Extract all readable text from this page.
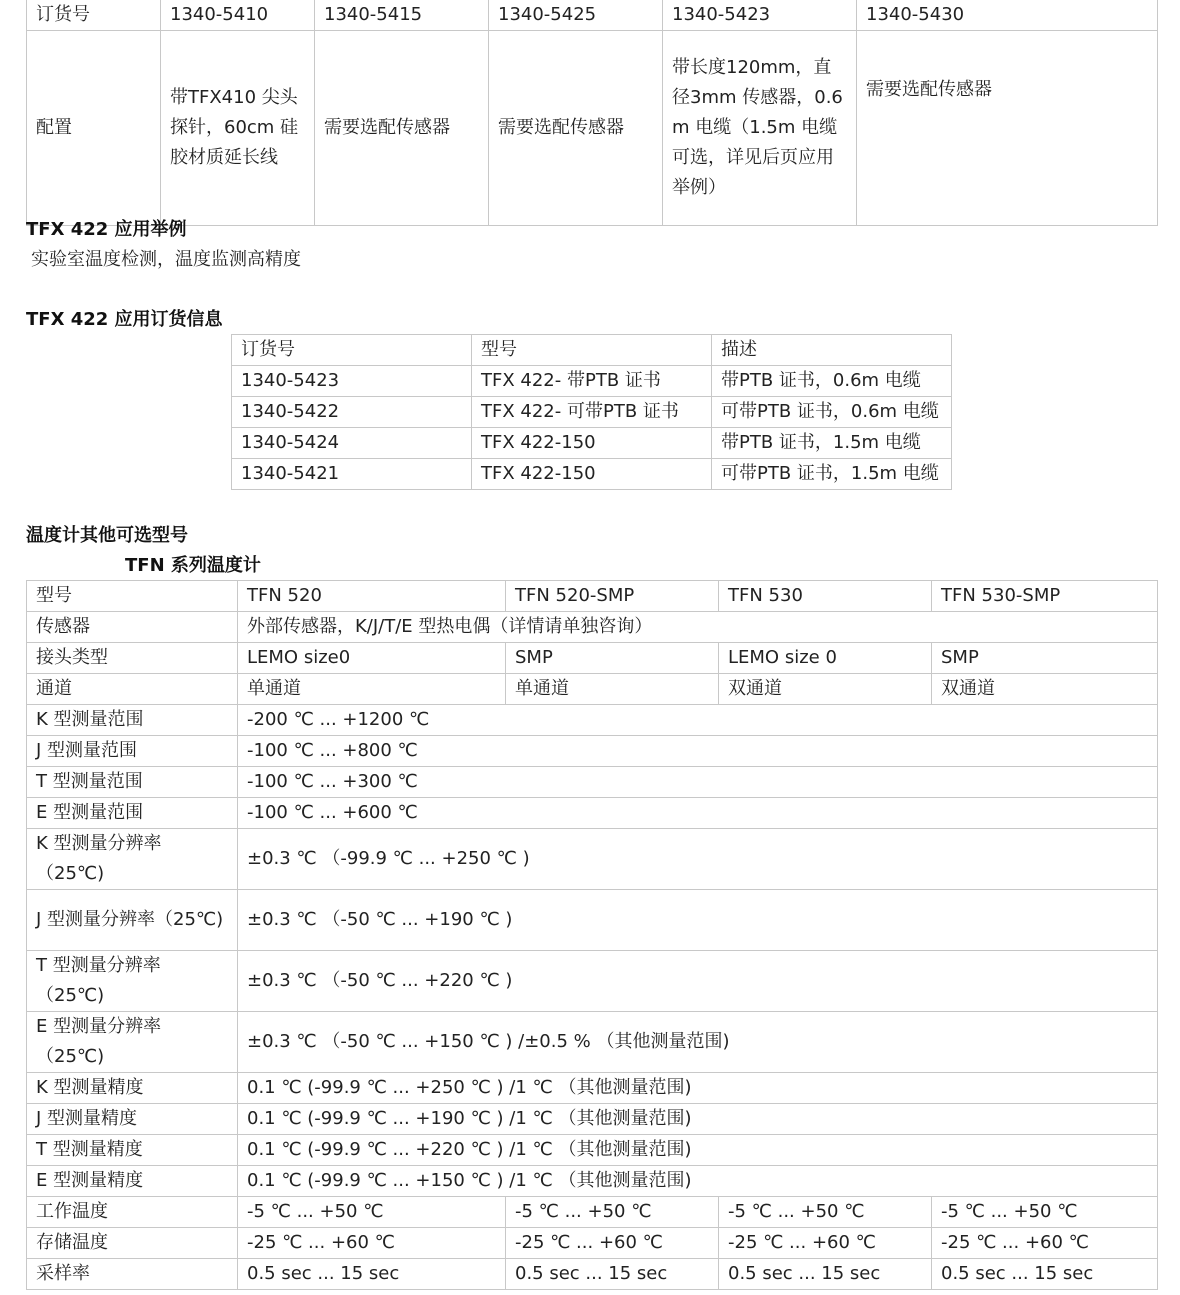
订货号	1340-5410	1340-5415	1340-5425	1340-5423	1340-5430
配置	带TFX410 尖头探针，60cm 硅胶材质延长线	需要选配传感器	需要选配传感器	带长度120mm，直径3mm 传感器，0.6 m 电缆（1.5m 电缆可选，详见后页应用举例）	需要选配传感器
TFX 422 应用举例
实验室温度检测，温度监测高精度
TFX 422 应用订货信息
订货号	型号	描述
1340-5423	TFX 422- 带PTB 证书	带PTB 证书，0.6m 电缆
1340-5422	TFX 422- 可带PTB 证书	可带PTB 证书，0.6m 电缆
1340-5424	TFX 422-150	带PTB 证书，1.5m 电缆
1340-5421	TFX 422-150	可带PTB 证书，1.5m 电缆
温度计其他可选型号
TFN 系列温度计
型号	TFN 520	TFN 520-SMP	TFN 530	TFN 530-SMP
传感器	外部传感器，K/J/T/E 型热电偶（详情请单独咨询）			
接头类型	LEMO size0	SMP	LEMO size 0	SMP
通道	单通道	单通道	双通道	双通道
K 型测量范围	-200 ℃ ... +1200 ℃			
J 型测量范围	-100 ℃ ... +800 ℃			
T 型测量范围	-100 ℃ ... +300 ℃			
E 型测量范围	-100 ℃ ... +600 ℃			
K 型测量分辨率（25℃)	±0.3 ℃ （-99.9 ℃ ... +250 ℃ )			
J 型测量分辨率（25℃)	±0.3 ℃ （-50 ℃ ... +190 ℃ )			
T 型测量分辨率（25℃)	±0.3 ℃ （-50 ℃ ... +220 ℃ )			
E 型测量分辨率（25℃)	±0.3 ℃ （-50 ℃ ... +150 ℃ ) /±0.5 % （其他测量范围)			
K 型测量精度	0.1 ℃ (-99.9 ℃ ... +250 ℃ ) /1 ℃ （其他测量范围)			
J 型测量精度	0.1 ℃ (-99.9 ℃ ... +190 ℃ ) /1 ℃ （其他测量范围)			
T 型测量精度	0.1 ℃ (-99.9 ℃ ... +220 ℃ ) /1 ℃ （其他测量范围)			
E 型测量精度	0.1 ℃ (-99.9 ℃ ... +150 ℃ ) /1 ℃ （其他测量范围)			
工作温度	-5 ℃ ... +50 ℃	-5 ℃ ... +50 ℃	-5 ℃ ... +50 ℃	-5 ℃ ... +50 ℃
存储温度	-25 ℃ ... +60 ℃	-25 ℃ ... +60 ℃	-25 ℃ ... +60 ℃	-25 ℃ ... +60 ℃
采样率	0.5 sec ... 15 sec	0.5 sec ... 15 sec	0.5 sec ... 15 sec	0.5 sec ... 15 sec
